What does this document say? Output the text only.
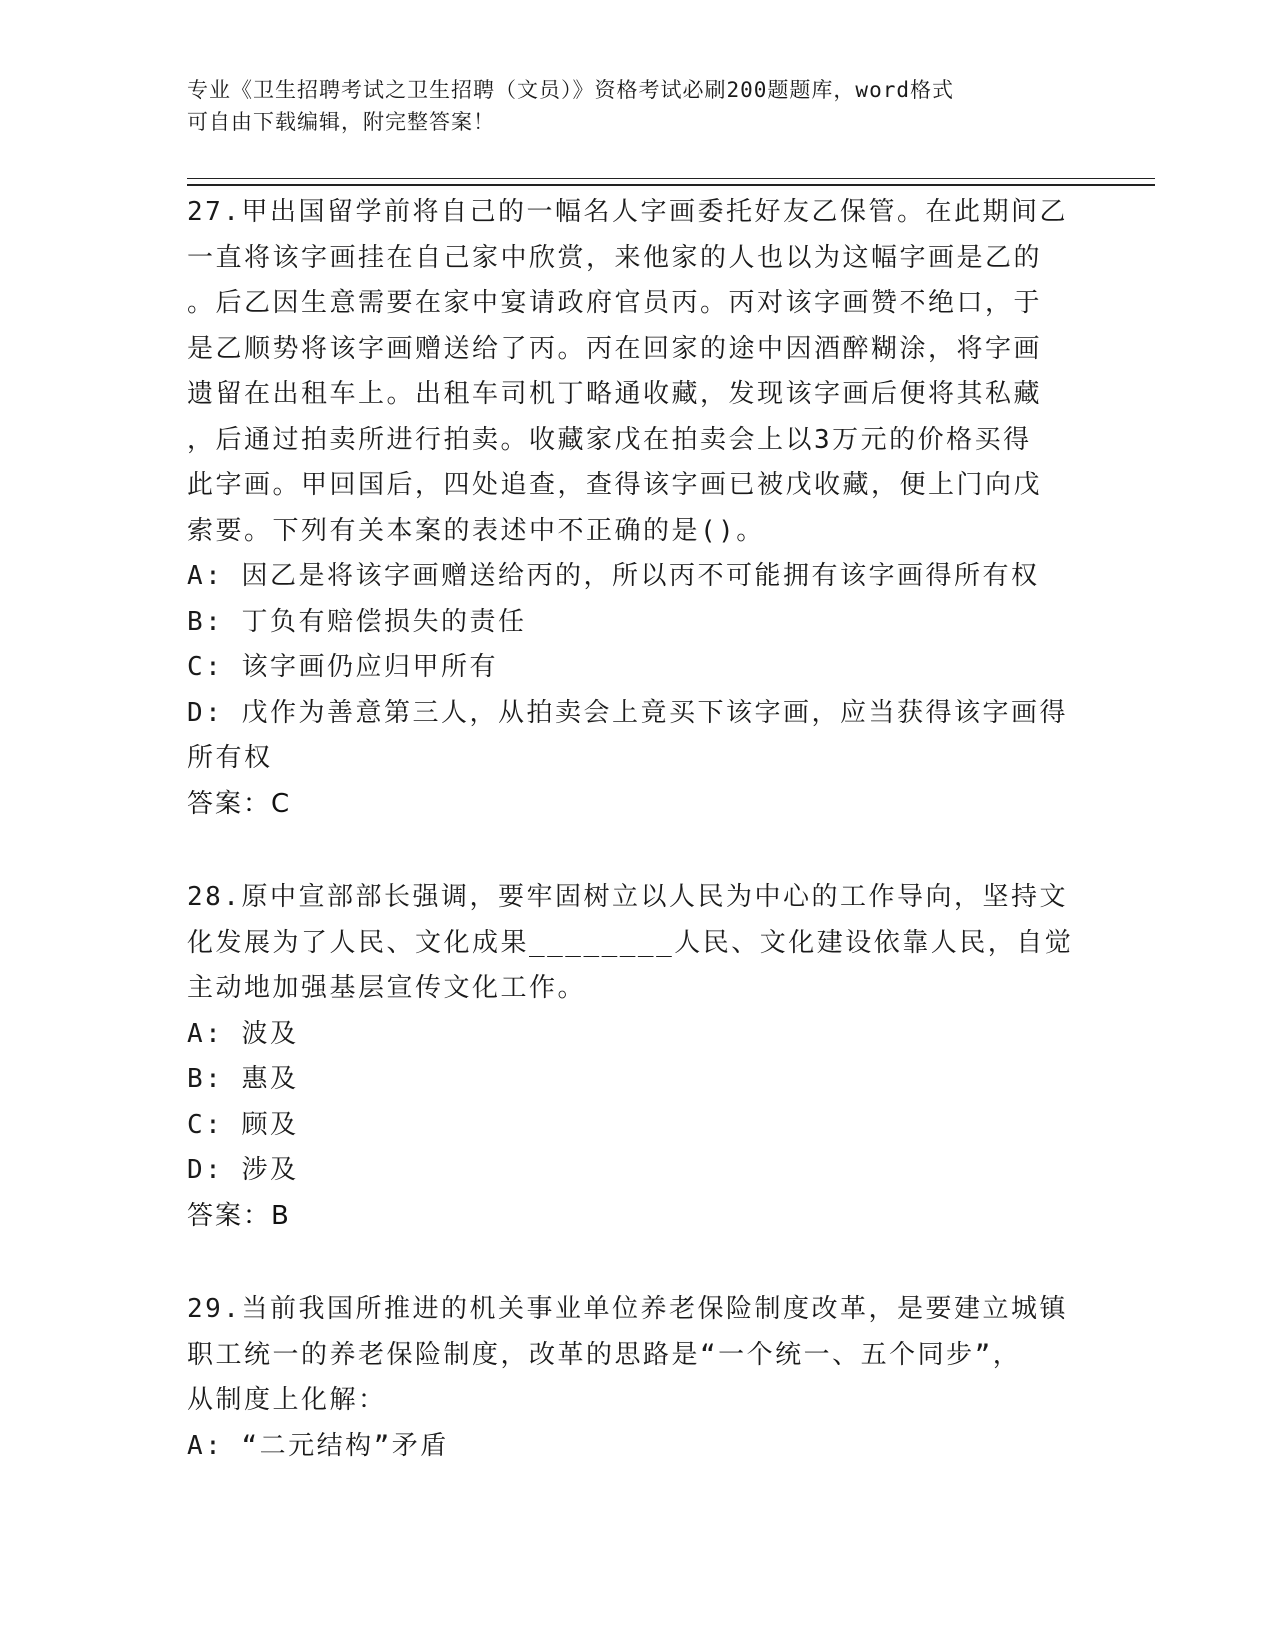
专业《卫生招聘考试之卫生招聘（文员）》资格考试必刷200题题库，word格式
可自由下载编辑，附完整答案！

27.甲出国留学前将自己的一幅名人字画委托好友乙保管。在此期间乙

一直将该字画挂在自己家中欣赏，来他家的人也以为这幅字画是乙的

。后乙因生意需要在家中宴请政府官员丙。丙对该字画赞不绝口，于

是乙顺势将该字画赠送给了丙。丙在回家的途中因酒醉糊涂，将字画

遗留在出租车上。出租车司机丁略通收藏，发现该字画后便将其私藏

，后通过拍卖所进行拍卖。收藏家戊在拍卖会上以3万元的价格买得

此字画。甲回国后，四处追查，查得该字画已被戊收藏，便上门向戊

索要。下列有关本案的表述中不正确的是()。

A: 因乙是将该字画赠送给丙的，所以丙不可能拥有该字画得所有权

B: 丁负有赔偿损失的责任

C: 该字画仍应归甲所有

D: 戊作为善意第三人，从拍卖会上竟买下该字画，应当获得该字画得

所有权

答案：C

28.原中宣部部长强调，要牢固树立以人民为中心的工作导向，坚持文

化发展为了人民、文化成果________人民、文化建设依靠人民，自觉

主动地加强基层宣传文化工作。

A: 波及

B: 惠及

C: 顾及

D: 涉及

答案：B

29.当前我国所推进的机关事业单位养老保险制度改革，是要建立城镇

职工统一的养老保险制度，改革的思路是“一个统一、五个同步”，

从制度上化解：

A: “二元结构”矛盾
